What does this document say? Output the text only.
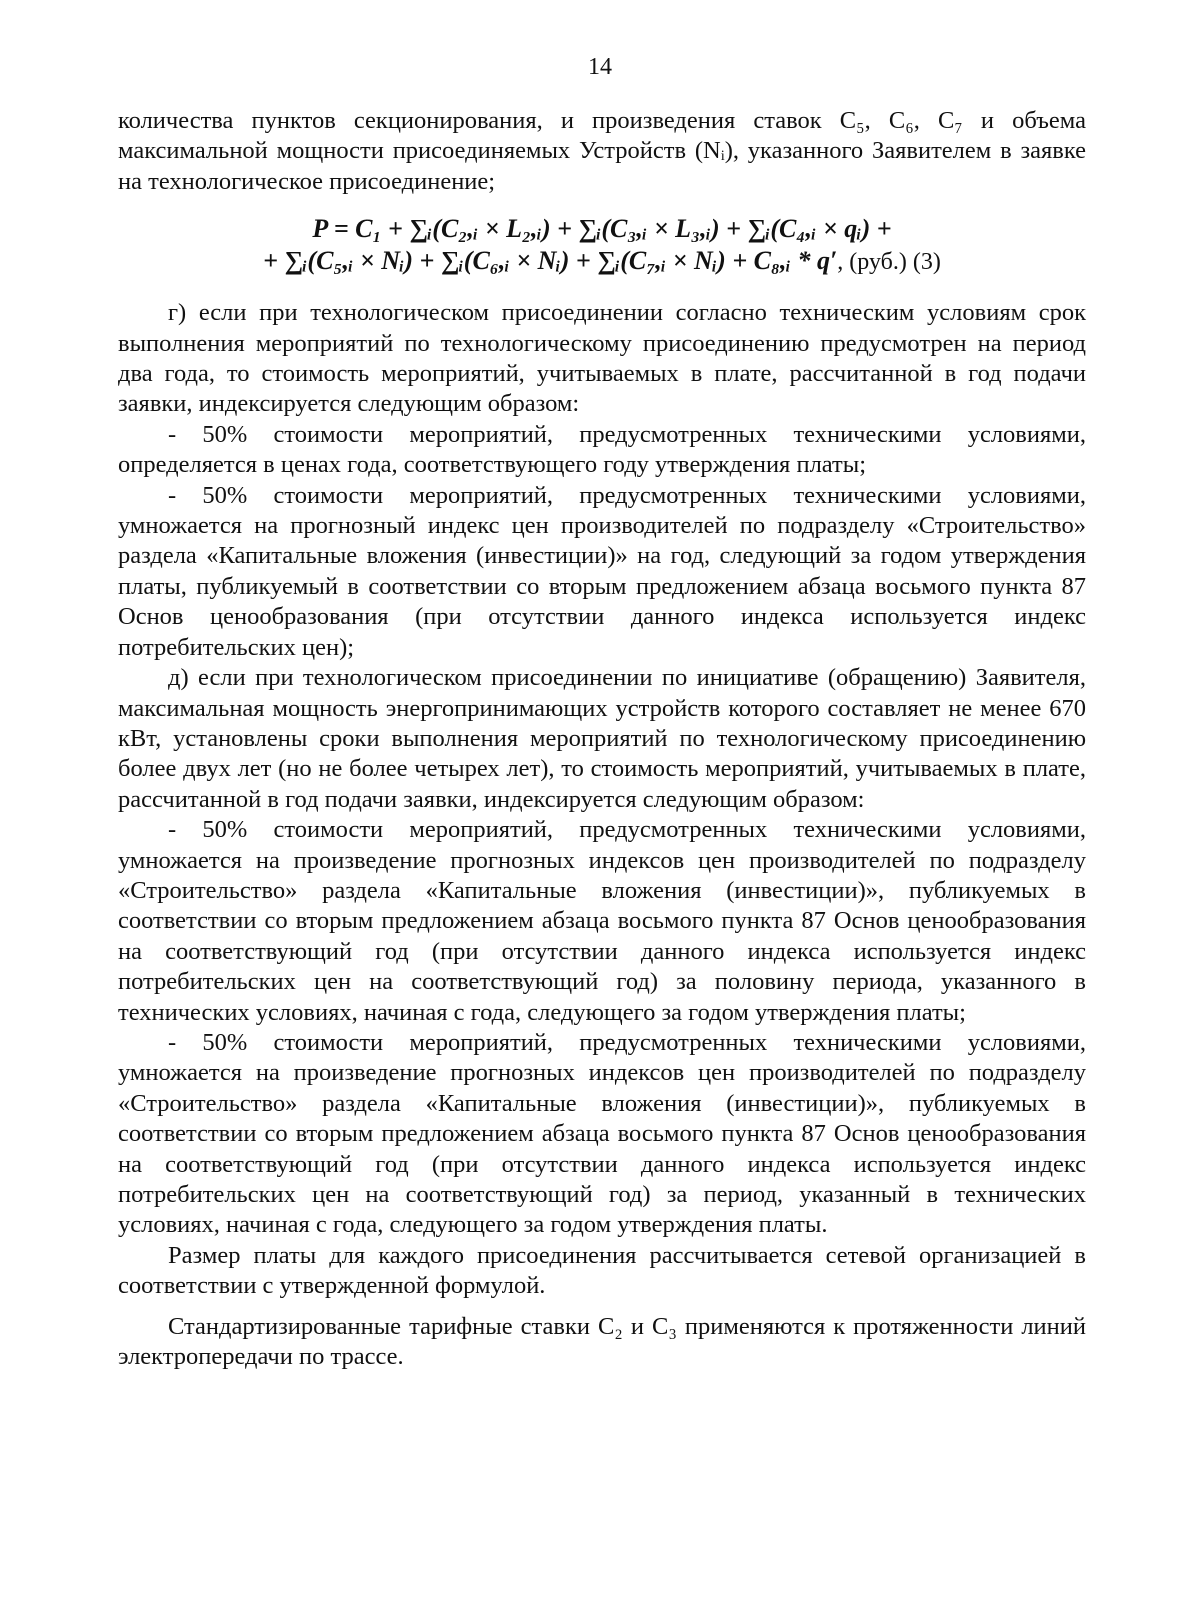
14

количества пунктов секционирования, и произведения ставок C₅, C₆, C₇ и объема максимальной мощности присоединяемых Устройств (Nᵢ), указанного Заявителем в заявке на технологическое присоединение;

P = C₁ + ∑ᵢ(C₂,ᵢ × L₂,ᵢ) + ∑ᵢ(C₃,ᵢ × L₃,ᵢ) + ∑ᵢ(C₄,ᵢ × qᵢ) +
+ ∑ᵢ(C₅,ᵢ × Nᵢ) + ∑ᵢ(C₆,ᵢ × Nᵢ) + ∑ᵢ(C₇,ᵢ × Nᵢ) + C₈,ᵢ * q′, (руб.) (3)

г) если при технологическом присоединении согласно техническим условиям срок выполнения мероприятий по технологическому присоединению предусмотрен на период два года, то стоимость мероприятий, учитываемых в плате, рассчитанной в год подачи заявки, индексируется следующим образом:

- 50% стоимости мероприятий, предусмотренных техническими условиями, определяется в ценах года, соответствующего году утверждения платы;

- 50% стоимости мероприятий, предусмотренных техническими условиями, умножается на прогнозный индекс цен производителей по подразделу «Строительство» раздела «Капитальные вложения (инвестиции)» на год, следующий за годом утверждения платы, публикуемый в соответствии со вторым предложением абзаца восьмого пункта 87 Основ ценообразования (при отсутствии данного индекса используется индекс потребительских цен);

д) если при технологическом присоединении по инициативе (обращению) Заявителя, максимальная мощность энергопринимающих устройств которого составляет не менее 670 кВт, установлены сроки выполнения мероприятий по технологическому присоединению более двух лет (но не более четырех лет), то стоимость мероприятий, учитываемых в плате, рассчитанной в год подачи заявки, индексируется следующим образом:

- 50% стоимости мероприятий, предусмотренных техническими условиями, умножается на произведение прогнозных индексов цен производителей по подразделу «Строительство» раздела «Капитальные вложения (инвестиции)», публикуемых в соответствии со вторым предложением абзаца восьмого пункта 87 Основ ценообразования на соответствующий год (при отсутствии данного индекса используется индекс потребительских цен на соответствующий год) за половину периода, указанного в технических условиях, начиная с года, следующего за годом утверждения платы;

- 50% стоимости мероприятий, предусмотренных техническими условиями, умножается на произведение прогнозных индексов цен производителей по подразделу «Строительство» раздела «Капитальные вложения (инвестиции)», публикуемых в соответствии со вторым предложением абзаца восьмого пункта 87 Основ ценообразования на соответствующий год (при отсутствии данного индекса используется индекс потребительских цен на соответствующий год) за период, указанный в технических условиях, начиная с года, следующего за годом утверждения платы.

Размер платы для каждого присоединения рассчитывается сетевой организацией в соответствии с утвержденной формулой.

Стандартизированные тарифные ставки C₂ и C₃ применяются к протяженности линий электропередачи по трассе.
